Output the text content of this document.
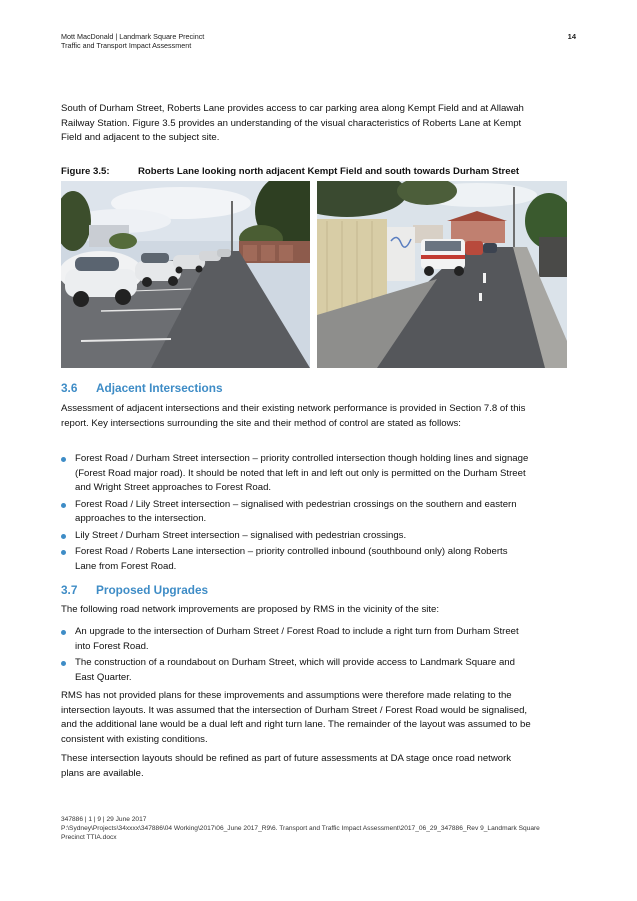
Mott MacDonald | Landmark Square Precinct
Traffic and Transport Impact Assessment
14

South of Durham Street, Roberts Lane provides access to car parking area along Kempt Field and at Allawah Railway Station. Figure 3.5 provides an understanding of the visual characteristics of Roberts Lane at Kempt Field and adjacent to the subject site.

Figure 3.5:	Roberts Lane looking north adjacent Kempt Field and south towards Durham Street
3.6 Adjacent Intersections

Assessment of adjacent intersections and their existing network performance is provided in Section 7.8 of this report. Key intersections surrounding the site and their method of control are stated as follows:

Forest Road / Durham Street intersection – priority controlled intersection though holding lines and signage (Forest Road major road). It should be noted that left in and left out only is permitted on the Durham Street and Wright Street approaches to Forest Road.
Forest Road / Lily Street intersection – signalised with pedestrian crossings on the southern and eastern approaches to the intersection.
Lily Street / Durham Street intersection – signalised with pedestrian crossings.
Forest Road / Roberts Lane intersection – priority controlled inbound (southbound only) along Roberts Lane from Forest Road.
3.7 Proposed Upgrades

The following road network improvements are proposed by RMS in the vicinity of the site:

An upgrade to the intersection of Durham Street / Forest Road to include a right turn from Durham Street into Forest Road.
The construction of a roundabout on Durham Street, which will provide access to Landmark Square and East Quarter.

RMS has not provided plans for these improvements and assumptions were therefore made relating to the intersection layouts. It was assumed that the intersection of Durham Street / Forest Road would be signalised, and the additional lane would be a dual left and right turn lane. The remainder of the layout was assumed to be consistent with existing conditions.

These intersection layouts should be refined as part of future assessments at DA stage once road network plans are available.

347886 | 1 | 9 | 29 June 2017
P:\Sydney\Projects\34xxxx\347886\04 Working\2017\06_June 2017_R9\6. Transport and Traffic Impact Assessment\2017_06_29_347886_Rev 9_Landmark Square Precinct TTIA.docx
